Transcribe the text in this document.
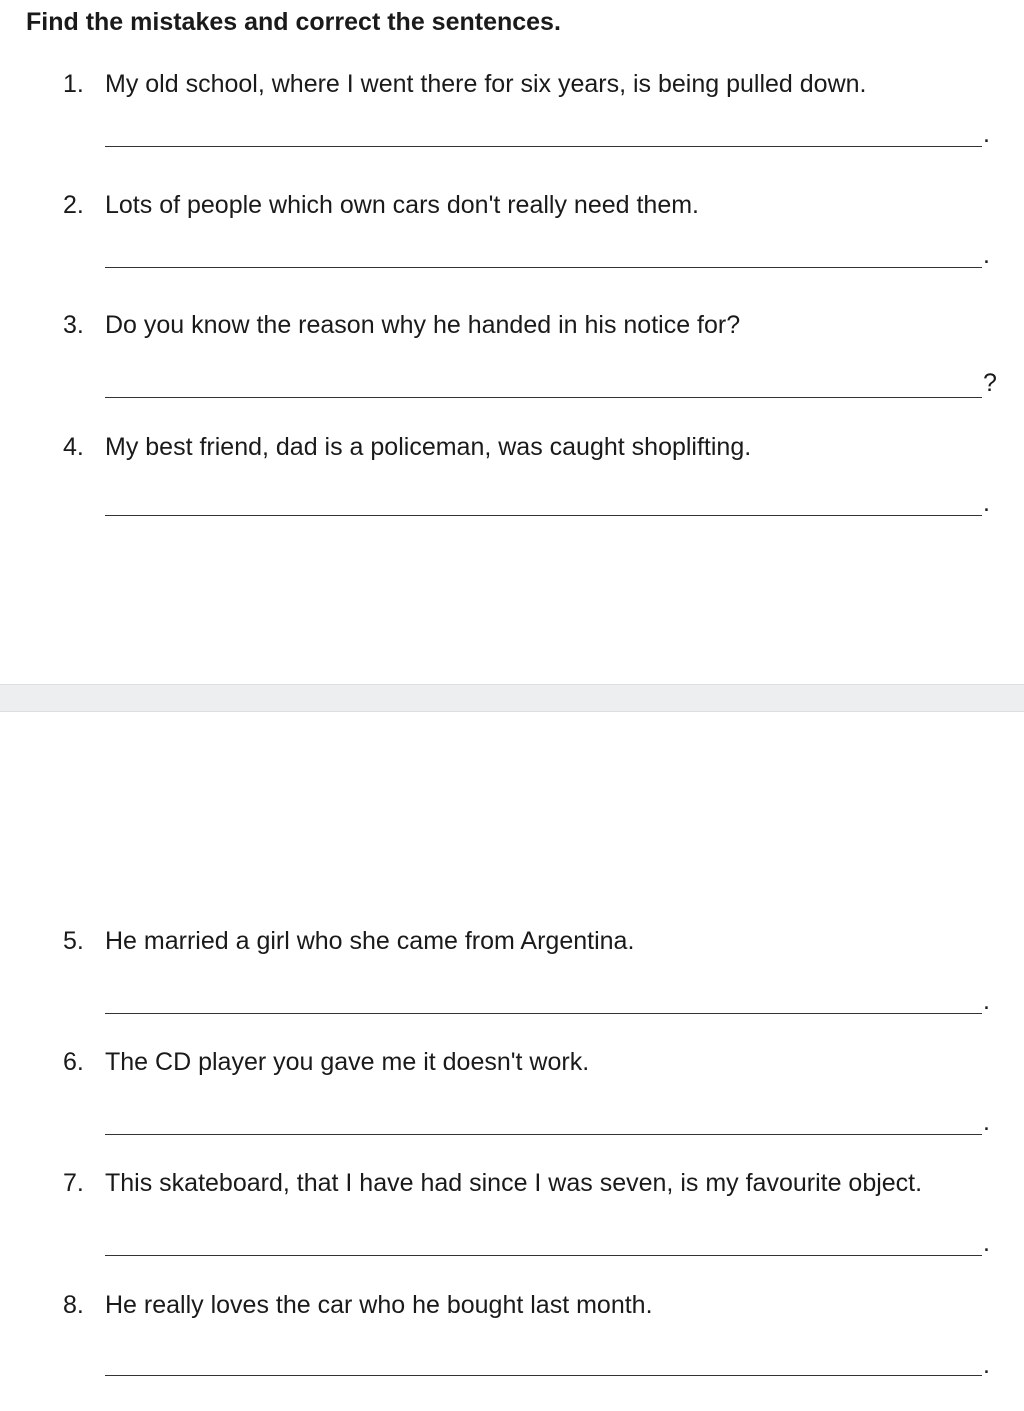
Find the mistakes and correct the sentences.
1. My old school, where I went there for six years, is being pulled down.
.
2. Lots of people which own cars don't really need them.
.
3. Do you know the reason why he handed in his notice for?
?
4. My best friend, dad is a policeman, was caught shoplifting.
.
5. He married a girl who she came from Argentina.
.
6. The CD player you gave me it doesn't work.
.
7. This skateboard, that I have had since I was seven, is my favourite object.
.
8. He really loves the car who he bought last month.
.
